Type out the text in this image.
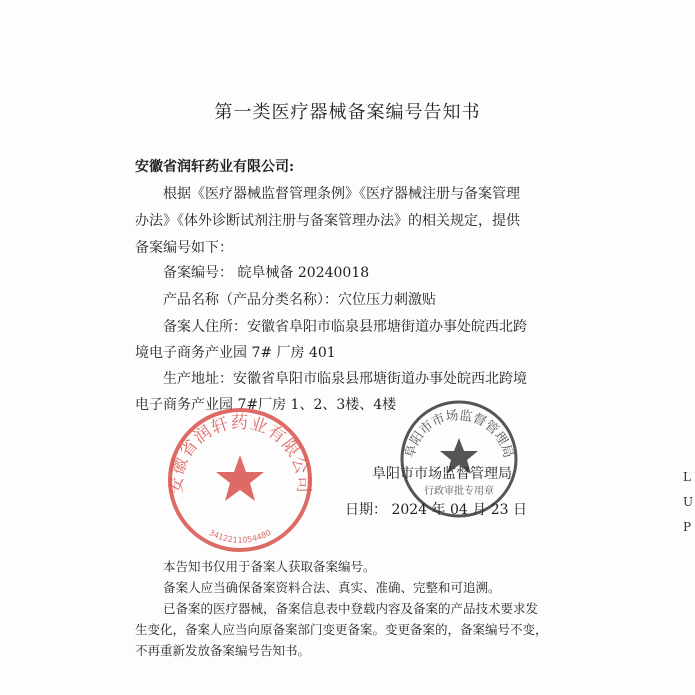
第一类医疗器械备案编号告知书
安徽省润轩药业有限公司:
根据《医疗器械监督管理条例》《医疗器械注册与备案管理
办法》《体外诊断试剂注册与备案管理办法》的相关规定，提供
备案编号如下：
备案编号： 皖阜械备 20240018
产品名称（产品分类名称）：穴位压力刺激贴
备案人住所：安徽省阜阳市临泉县邢塘街道办事处皖西北跨
境电子商务产业园 7# 厂房 401
生产地址：安徽省阜阳市临泉县邢塘街道办事处皖西北跨境
电子商务产业园 7#厂房 1、2、3楼、4楼
阜阳市市场监督管理局
日期： 2024 年 04 月 23 日
安徽省润轩药业有限公司
3412211054480
阜阳市市场监督管理局
行政审批专用章
本告知书仅用于备案人获取备案编号。
备案人应当确保备案资料合法、真实、准确、完整和可追溯。
已备案的医疗器械，备案信息表中登载内容及备案的产品技术要求发
生变化，备案人应当向原备案部门变更备案。变更备案的，备案编号不变，
不再重新发放备案编号告知书。
L
U
P
